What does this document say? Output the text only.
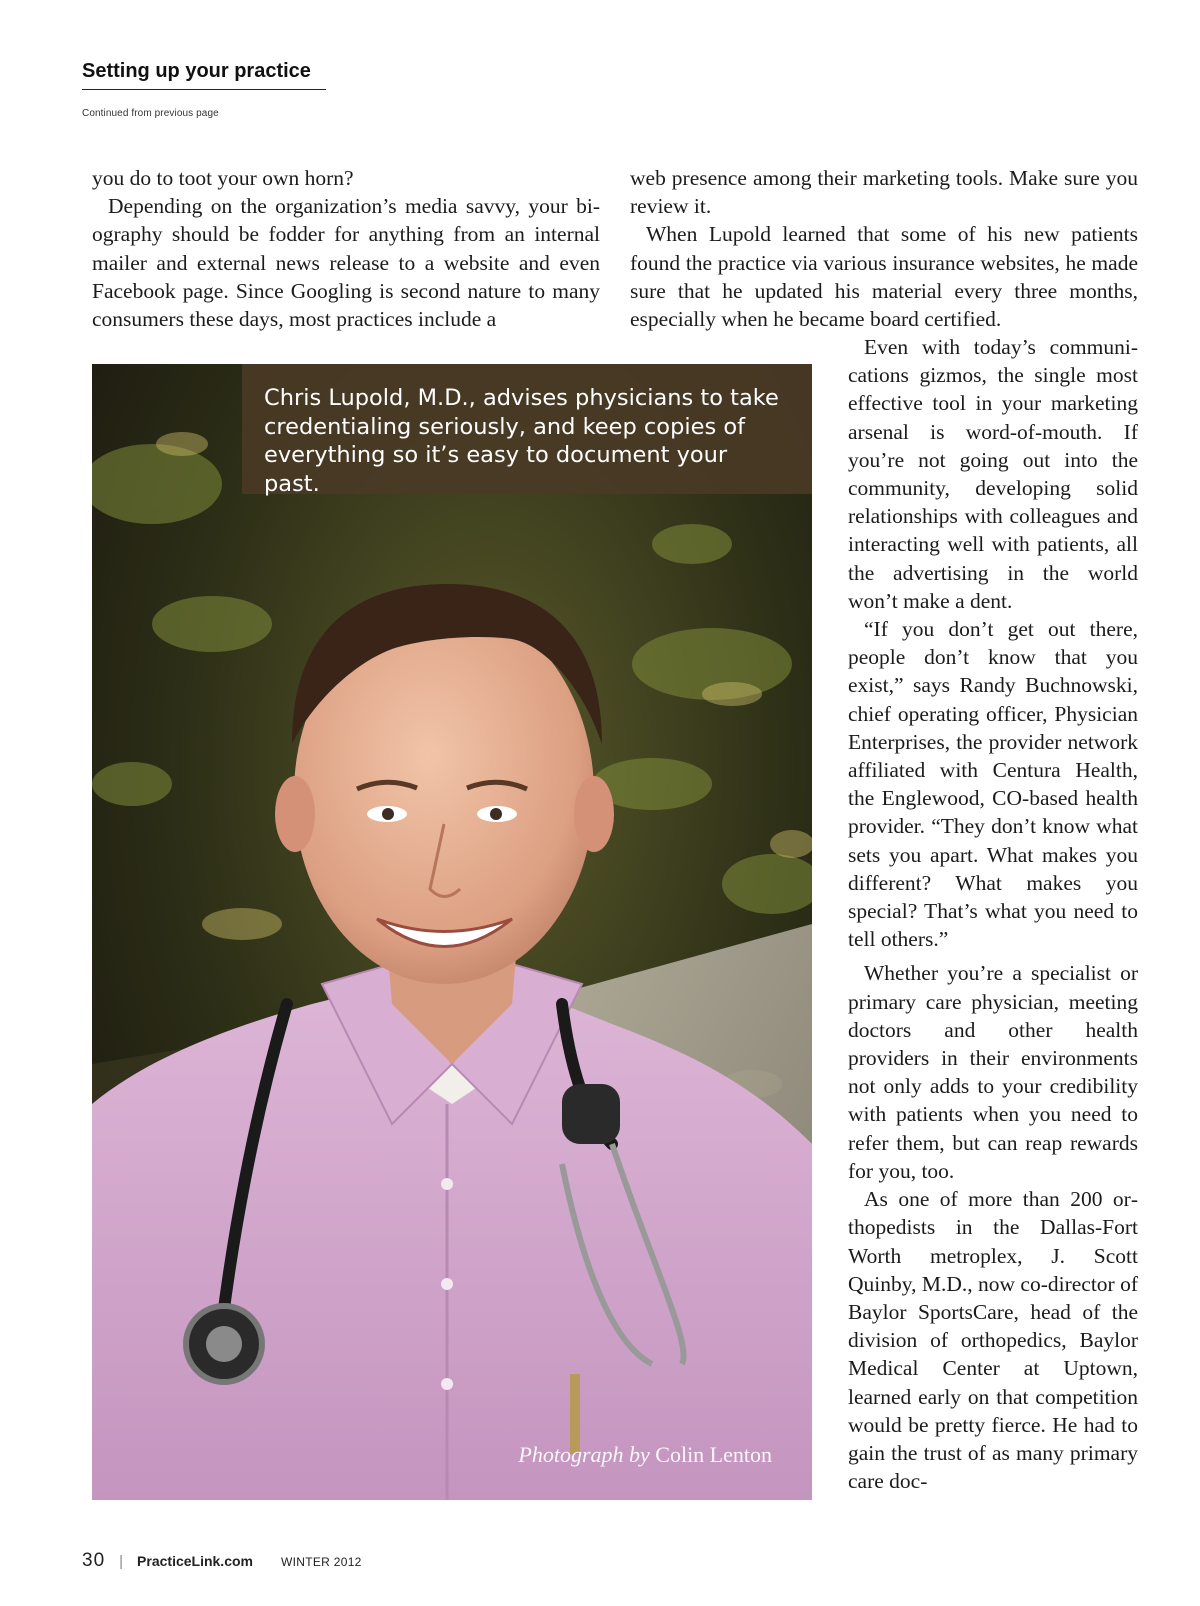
Setting up your practice
Continued from previous page

you do to toot your own horn?

Depending on the organization’s media savvy, your biography should be fodder for anything from an internal mailer and external news release to a website and even Facebook page. Since Googling is second nature to many consumers these days, most practices include a

web presence among their marketing tools. Make sure you review it.

When Lupold learned that some of his new patients found the practice via various insurance websites, he made sure that he updated his material every three months, especially when he became board certified.

Even with today’s communications gizmos, the single most effective tool in your marketing arsenal is word-of-mouth. If you’re not going out into the community, developing solid relationships with colleagues and interacting well with patients, all the advertising in the world won’t make a dent.

“If you don’t get out there, people don’t know that you exist,” says Randy Buchnowski, chief operating officer, Physician Enterprises, the provider network affiliated with Centura Health, the Englewood, CO-based health provider. “They don’t know what sets you apart. What makes you different? What makes you special? That’s what you need to tell others.”

Whether you’re a specialist or primary care physician, meeting doctors and other health providers in their environments not only adds to your credibility with patients when you need to refer them, but can reap rewards for you, too.

As one of more than 200 orthopedists in the Dallas-Fort Worth metroplex, J. Scott Quinby, M.D., now co-director of Baylor SportsCare, head of the division of orthopedics, Baylor Medical Center at Uptown, learned early on that competition would be pretty fierce. He had to gain the trust of as many primary care doc-

Chris Lupold, M.D., advises physicians to take credentialing seriously, and keep copies of everything so it’s easy to document your past.

Photograph by Colin Lenton
30 | PracticeLink.com WINTER 2012
